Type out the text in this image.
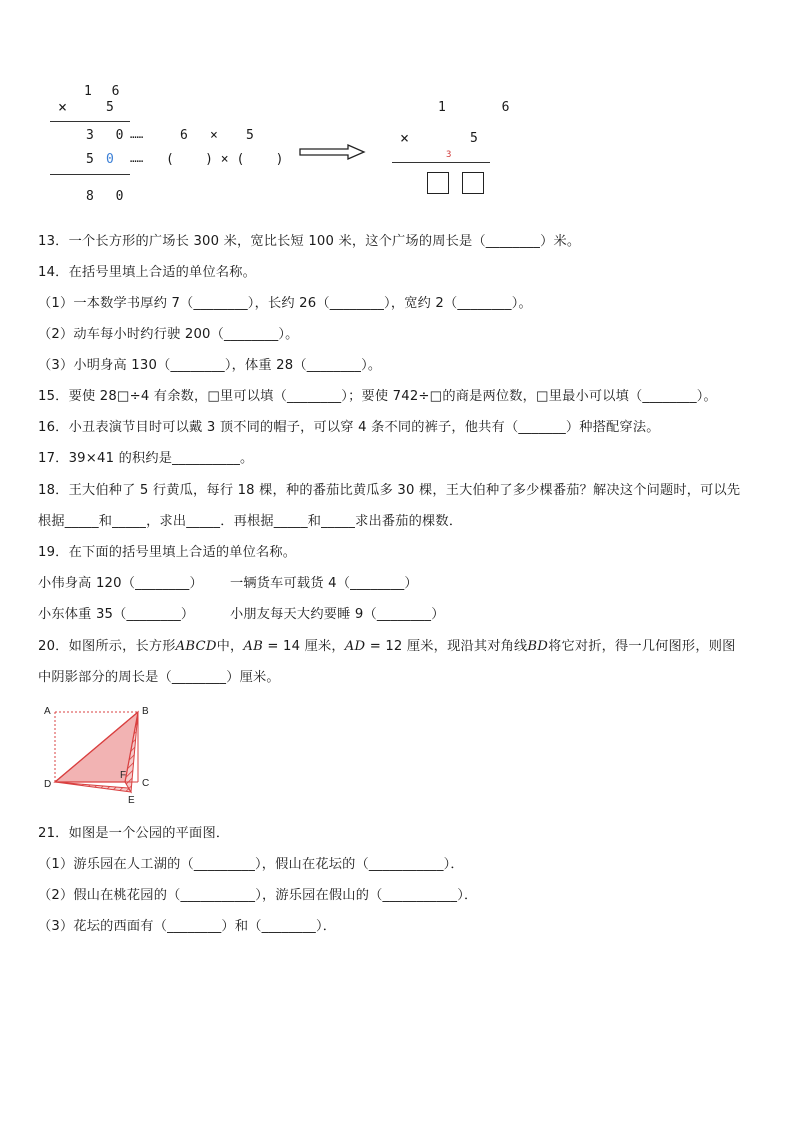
1 6
×	5
3 0 ……	6 × 5
5 0 …… (    ) × (    )
8 0
1 6
×	5
3
13．一个长方形的广场长 300 米，宽比长短 100 米，这个广场的周长是（________）米。
14．在括号里填上合适的单位名称。
（1）一本数学书厚约 7（________），长约 26（________），宽约 2（________）。
（2）动车每小时约行驶 200（________）。
（3）小明身高 130（________），体重 28（________）。
15．要使 28□÷4 有余数，□里可以填（________）；要使 742÷□的商是两位数，□里最小可以填（________）。
16．小丑表演节目时可以戴 3 顶不同的帽子，可以穿 4 条不同的裤子，他共有（_______）种搭配穿法。
17．39×41 的积约是__________。
18．王大伯种了 5 行黄瓜，每行 18 棵，种的番茄比黄瓜多 30 棵，王大伯种了多少棵番茄？解决这个问题时，可以先
根据_____和_____，求出_____．再根据_____和_____求出番茄的棵数．
19．在下面的括号里填上合适的单位名称。
小伟身高 120（________） 一辆货车可载货 4（________）
小东体重 35（________）	小朋友每天大约要睡 9（________）
20．如图所示，长方形ABCD中，AB = 14 厘米，AD = 12 厘米，现沿其对角线BD将它对折，得一几何图形，则图
中阴影部分的周长是（________）厘米。
A	B
C
D
E
F
21．如图是一个公园的平面图．
（1）游乐园在人工湖的（_________），假山在花坛的（___________）．
（2）假山在桃花园的（___________），游乐园在假山的（___________）．
（3）花坛的西面有（________）和（________）．
